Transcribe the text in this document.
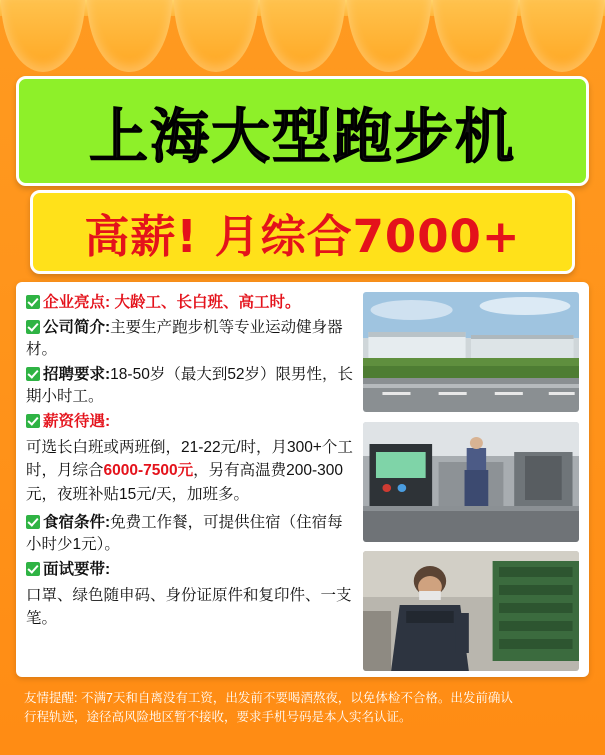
上海大型跑步机
高薪! 月综合7000+
企业亮点: 大龄工、长白班、高工时。
公司简介:主要生产跑步机等专业运动健身器材。
招聘要求:18-50岁（最大到52岁）限男性，长期小时工。
薪资待遇:
可选长白班或两班倒，21-22元/时，月300+个工时，月综合6000-7500元，另有高温费200-300元，夜班补贴15元/天，加班多。
食宿条件:免费工作餐，可提供住宿（住宿每小时少1元）。
面试要带:
口罩、绿色随申码、身份证原件和复印件、一支笔。
友情提醒: 不满7天和自离没有工资，出发前不要喝酒熬夜，以免体检不合格。出发前确认
行程轨迹，途径高风险地区暂不接收，要求手机号码是本人实名认证。
